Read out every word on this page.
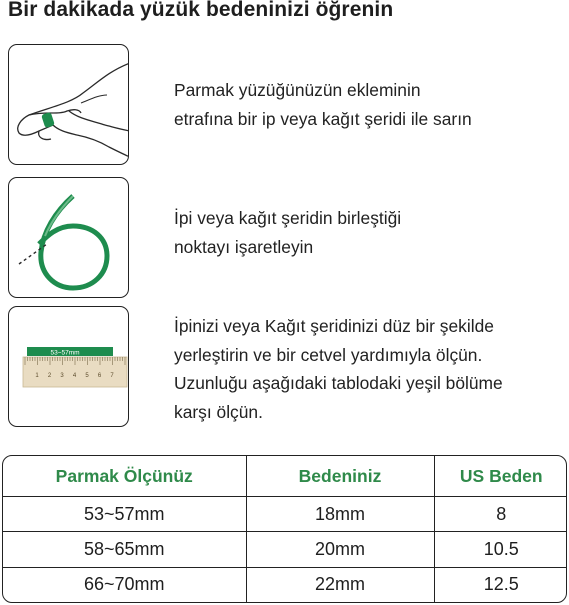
Bir dakikada yüzük bedeninizi öğrenin
Parmak yüzüğünüzün ekleminin
etrafına bir ip veya kağıt şeridi ile sarın
İpi veya kağıt şeridin birleştiği
noktayı işaretleyin
53~57mm
1 2 3 4 5 6 7
İpinizi veya Kağıt şeridinizi düz bir şekilde
yerleştirin ve bir cetvel yardımıyla ölçün.
Uzunluğu aşağıdaki tablodaki yeşil bölüme
karşı ölçün.
Parmak Ölçünüz	Bedeniniz	US Beden
53~57mm	18mm	8
58~65mm	20mm	10.5
66~70mm	22mm	12.5
